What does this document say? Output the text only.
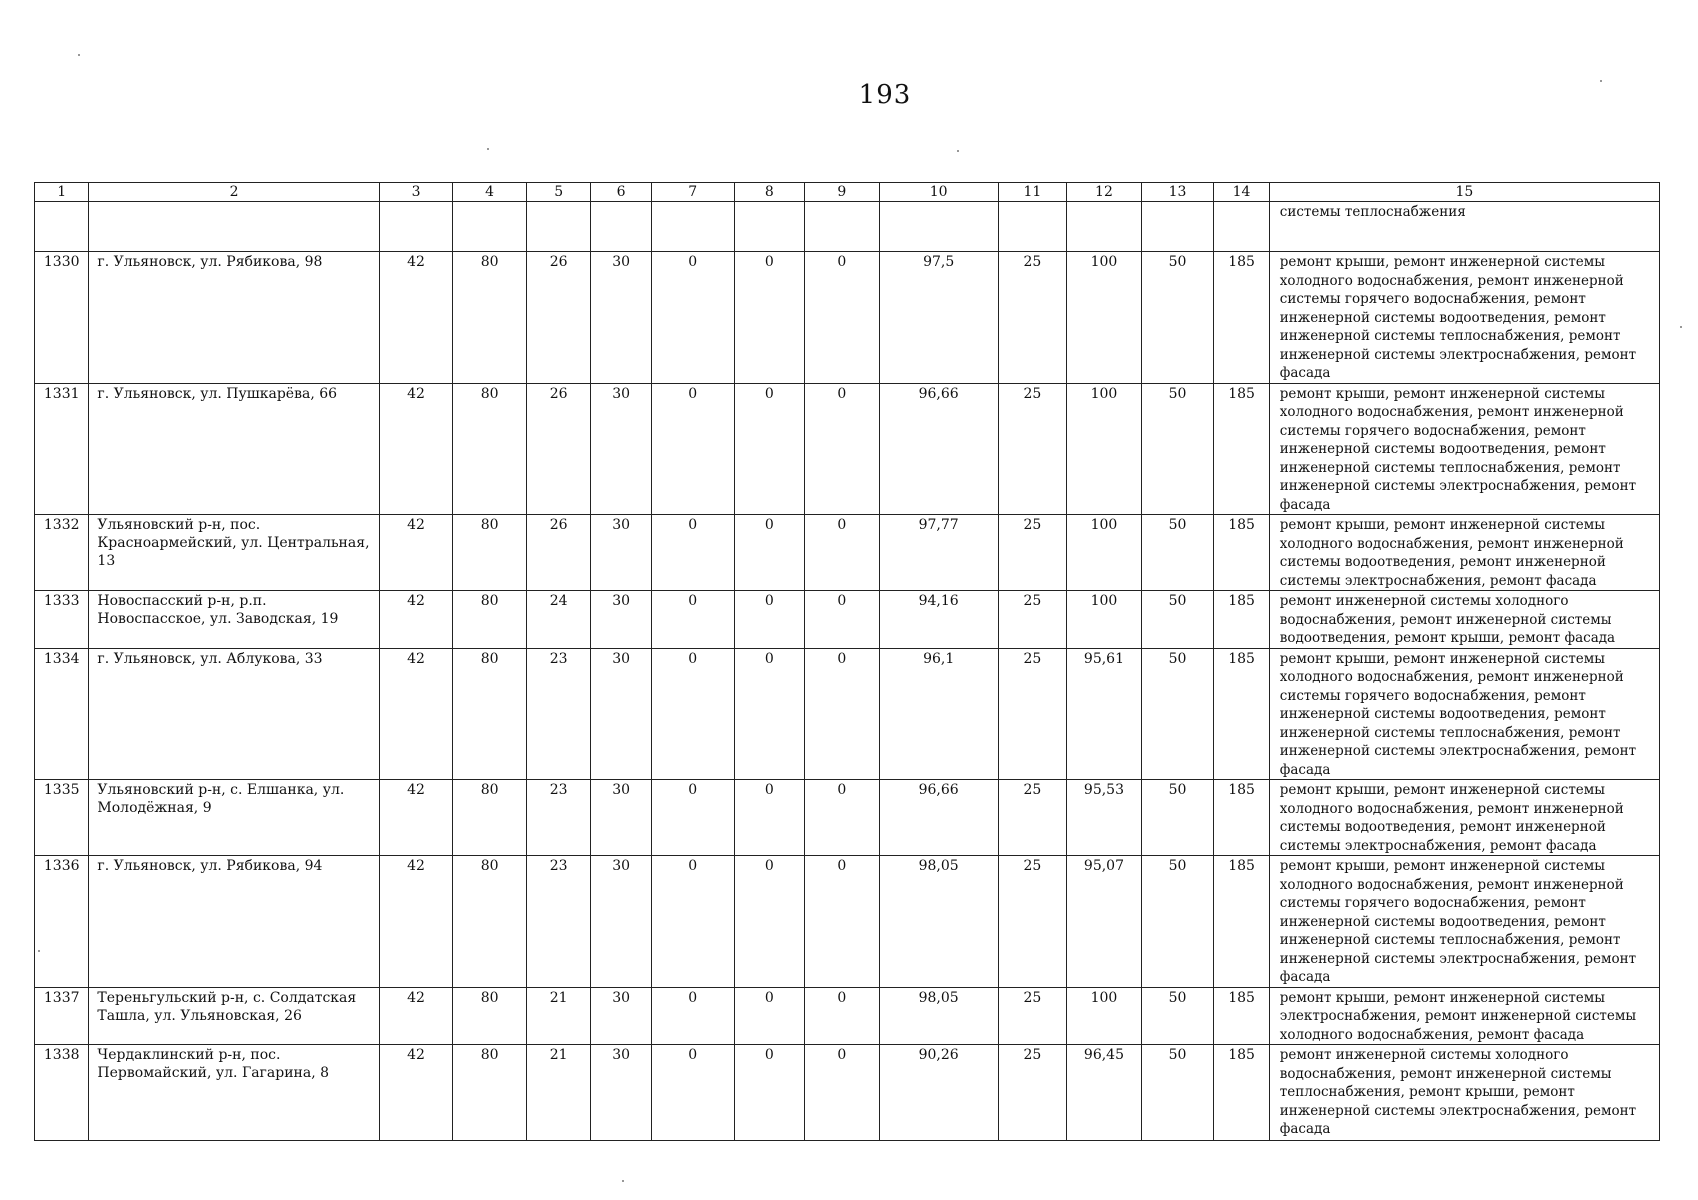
193
1	2	3	4	5	6	7	8	9	10	11	12	13	14	15
														системы теплоснабжения
1330	г. Ульяновск, ул. Рябикова, 98	42	80	26	30	0	0	0	97,5	25	100	50	185	ремонт крыши, ремонт инженерной системы холодного водоснабжения, ремонт инженерной системы горячего водоснабжения, ремонт инженерной системы водоотведения, ремонт инженерной системы теплоснабжения, ремонт инженерной системы электроснабжения, ремонт фасада
1331	г. Ульяновск, ул. Пушкарёва, 66	42	80	26	30	0	0	0	96,66	25	100	50	185	ремонт крыши, ремонт инженерной системы холодного водоснабжения, ремонт инженерной системы горячего водоснабжения, ремонт инженерной системы водоотведения, ремонт инженерной системы теплоснабжения, ремонт инженерной системы электроснабжения, ремонт фасада
1332	Ульяновский р-н, пос. Красноармейский, ул. Центральная, 13	42	80	26	30	0	0	0	97,77	25	100	50	185	ремонт крыши, ремонт инженерной системы холодного водоснабжения, ремонт инженерной системы водоотведения, ремонт инженерной системы электроснабжения, ремонт фасада
1333	Новоспасский р-н, р.п. Новоспасское, ул. Заводская, 19	42	80	24	30	0	0	0	94,16	25	100	50	185	ремонт инженерной системы холодного водоснабжения, ремонт инженерной системы водоотведения, ремонт крыши, ремонт фасада
1334	г. Ульяновск, ул. Аблукова, 33	42	80	23	30	0	0	0	96,1	25	95,61	50	185	ремонт крыши, ремонт инженерной системы холодного водоснабжения, ремонт инженерной системы горячего водоснабжения, ремонт инженерной системы водоотведения, ремонт инженерной системы теплоснабжения, ремонт инженерной системы электроснабжения, ремонт фасада
1335	Ульяновский р-н, с. Елшанка, ул. Молодёжная, 9	42	80	23	30	0	0	0	96,66	25	95,53	50	185	ремонт крыши, ремонт инженерной системы холодного водоснабжения, ремонт инженерной системы водоотведения, ремонт инженерной системы электроснабжения, ремонт фасада
1336	г. Ульяновск, ул. Рябикова, 94	42	80	23	30	0	0	0	98,05	25	95,07	50	185	ремонт крыши, ремонт инженерной системы холодного водоснабжения, ремонт инженерной системы горячего водоснабжения, ремонт инженерной системы водоотведения, ремонт инженерной системы теплоснабжения, ремонт инженерной системы электроснабжения, ремонт фасада
1337	Тереньгульский р-н, с. Солдатская Ташла, ул. Ульяновская, 26	42	80	21	30	0	0	0	98,05	25	100	50	185	ремонт крыши, ремонт инженерной системы электроснабжения, ремонт инженерной системы холодного водоснабжения, ремонт фасада
1338	Чердаклинский р-н, пос. Первомайский, ул. Гагарина, 8	42	80	21	30	0	0	0	90,26	25	96,45	50	185	ремонт инженерной системы холодного водоснабжения, ремонт инженерной системы теплоснабжения, ремонт крыши, ремонт инженерной системы электроснабжения, ремонт фасада
